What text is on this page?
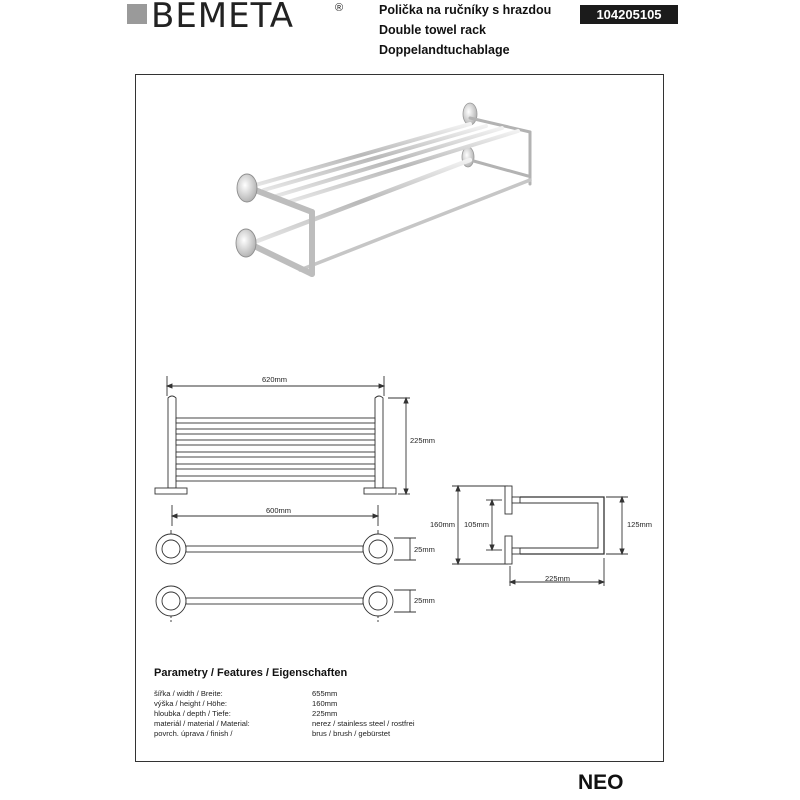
BEMETA	®	Polička na ručníky s hrazdou
Double towel rack
Doppelandtuchablage
104205105
620mm
225mm
600mm
25mm
25mm
160mm 105mm	125mm
225mm
Parametry / Features / Eigenschaften
šířka / width / Breite:	655mm
výška / height / Höhe:	160mm
hloubka / depth / Tiefe:	225mm
materiál / material / Material:	nerez / stainless steel / rostfrei
povrch. úprava / finish /	brus / brush / gebürstet
NEO
